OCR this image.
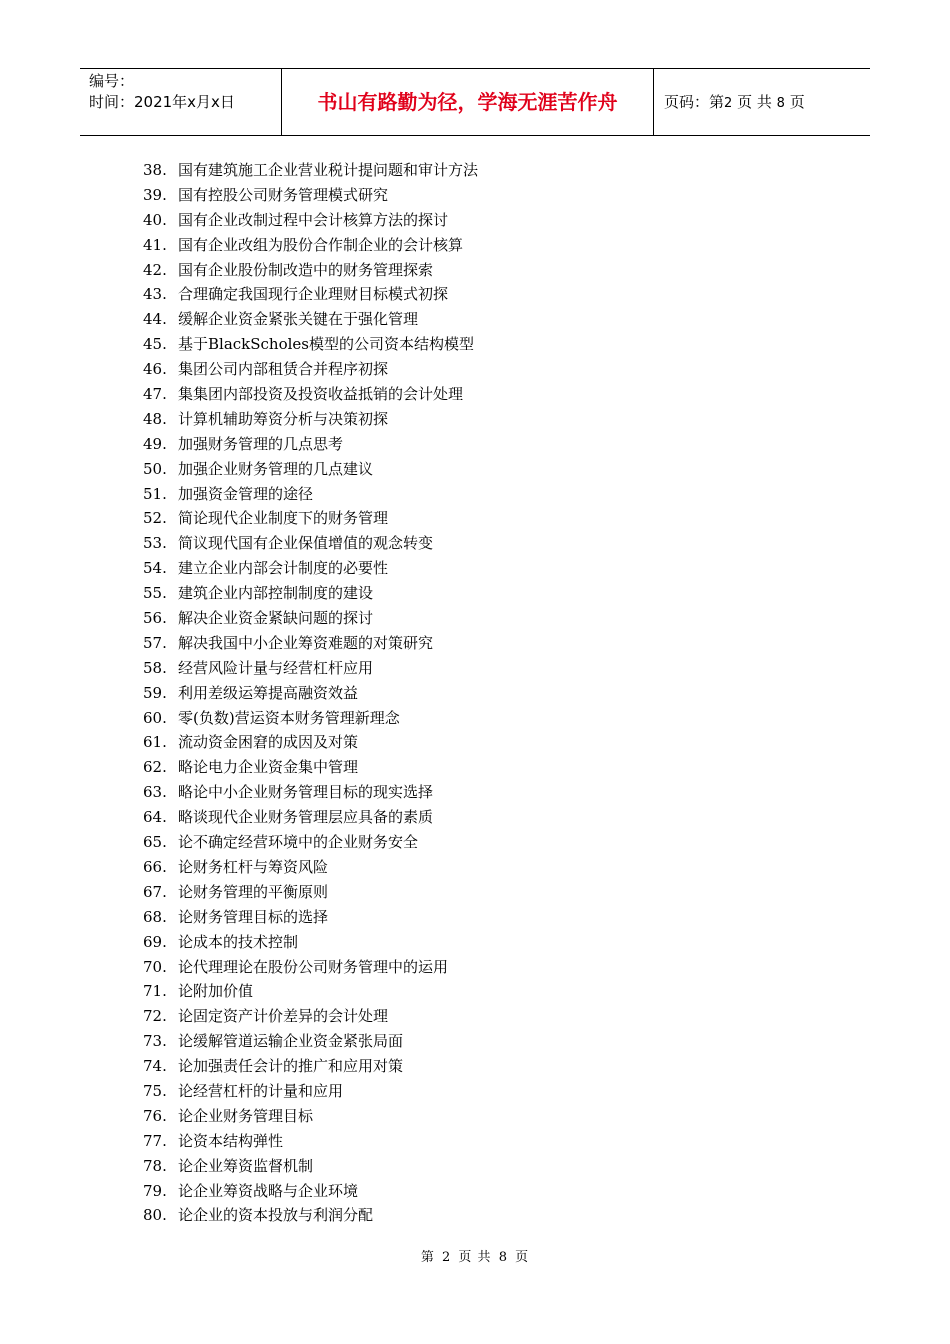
编号：
时间：2021年x月x日	书山有路勤为径，学海无涯苦作舟	页码：第2 页 共 8 页
38. 国有建筑施工企业营业税计提问题和审计方法
39. 国有控股公司财务管理模式研究
40. 国有企业改制过程中会计核算方法的探讨
41. 国有企业改组为股份合作制企业的会计核算
42. 国有企业股份制改造中的财务管理探索
43. 合理确定我国现行企业理财目标模式初探
44. 缓解企业资金紧张关键在于强化管理
45. 基于BlackScholes模型的公司资本结构模型
46. 集团公司内部租赁合并程序初探
47. 集集团内部投资及投资收益抵销的会计处理
48. 计算机辅助筹资分析与决策初探
49. 加强财务管理的几点思考
50. 加强企业财务管理的几点建议
51. 加强资金管理的途径
52. 简论现代企业制度下的财务管理
53. 简议现代国有企业保值增值的观念转变
54. 建立企业内部会计制度的必要性
55. 建筑企业内部控制制度的建设
56. 解决企业资金紧缺问题的探讨
57. 解决我国中小企业筹资难题的对策研究
58. 经营风险计量与经营杠杆应用
59. 利用差级运筹提高融资效益
60. 零(负数)营运资本财务管理新理念
61. 流动资金困窘的成因及对策
62. 略论电力企业资金集中管理
63. 略论中小企业财务管理目标的现实选择
64. 略谈现代企业财务管理层应具备的素质
65. 论不确定经营环境中的企业财务安全
66. 论财务杠杆与筹资风险
67. 论财务管理的平衡原则
68. 论财务管理目标的选择
69. 论成本的技术控制
70. 论代理理论在股份公司财务管理中的运用
71. 论附加价值
72. 论固定资产计价差异的会计处理
73. 论缓解管道运输企业资金紧张局面
74. 论加强责任会计的推广和应用对策
75. 论经营杠杆的计量和应用
76. 论企业财务管理目标
77. 论资本结构弹性
78. 论企业筹资监督机制
79. 论企业筹资战略与企业环境
80. 论企业的资本投放与利润分配
第 2 页 共 8 页
